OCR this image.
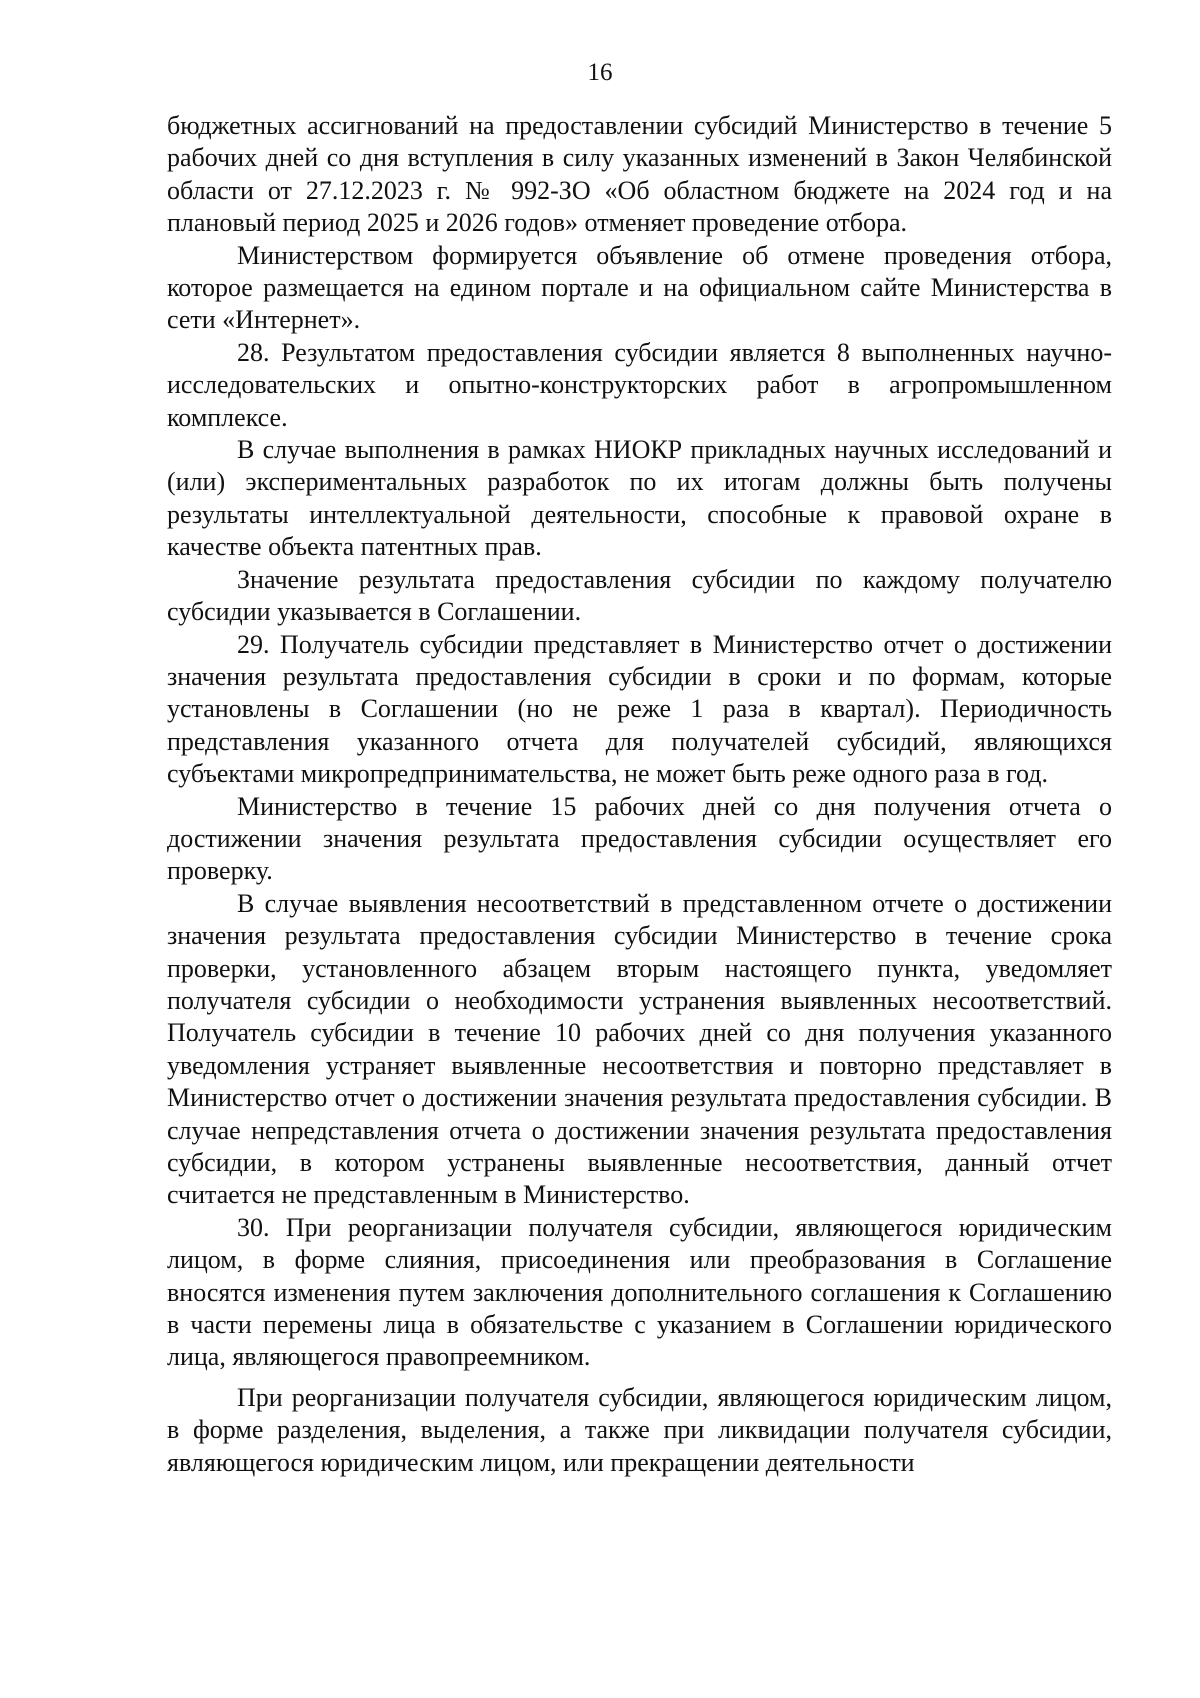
16

бюджетных ассигнований на предоставлении субсидий Министерство в течение 5 рабочих дней со дня вступления в силу указанных изменений в Закон Челябинской области от 27.12.2023 г. № 992-ЗО «Об областном бюджете на 2024 год и на плановый период 2025 и 2026 годов» отменяет проведение отбора.

Министерством формируется объявление об отмене проведения отбора, которое размещается на едином портале и на официальном сайте Министерства в сети «Интернет».

28. Результатом предоставления субсидии является 8 выполненных научно-исследовательских и опытно-конструкторских работ в агропромышленном комплексе.

В случае выполнения в рамках НИОКР прикладных научных исследований и (или) экспериментальных разработок по их итогам должны быть получены результаты интеллектуальной деятельности, способные к правовой охране в качестве объекта патентных прав.

Значение результата предоставления субсидии по каждому получателю субсидии указывается в Соглашении.

29. Получатель субсидии представляет в Министерство отчет о достижении значения результата предоставления субсидии в сроки и по формам, которые установлены в Соглашении (но не реже 1 раза в квартал). Периодичность представления указанного отчета для получателей субсидий, являющихся субъектами микропредпринимательства, не может быть реже одного раза в год.

Министерство в течение 15 рабочих дней со дня получения отчета о достижении значения результата предоставления субсидии осуществляет его проверку.

В случае выявления несоответствий в представленном отчете о достижении значения результата предоставления субсидии Министерство в течение срока проверки, установленного абзацем вторым настоящего пункта, уведомляет получателя субсидии о необходимости устранения выявленных несоответствий. Получатель субсидии в течение 10 рабочих дней со дня получения указанного уведомления устраняет выявленные несоответствия и повторно представляет в Министерство отчет о достижении значения результата предоставления субсидии. В случае непредставления отчета о достижении значения результата предоставления субсидии, в котором устранены выявленные несоответствия, данный отчет считается не представленным в Министерство.

30. При реорганизации получателя субсидии, являющегося юридическим лицом, в форме слияния, присоединения или преобразования в Соглашение вносятся изменения путем заключения дополнительного соглашения к Соглашению в части перемены лица в обязательстве с указанием в Соглашении юридического лица, являющегося правопреемником.

При реорганизации получателя субсидии, являющегося юридическим лицом, в форме разделения, выделения, а также при ликвидации получателя субсидии, являющегося юридическим лицом, или прекращении деятельности
